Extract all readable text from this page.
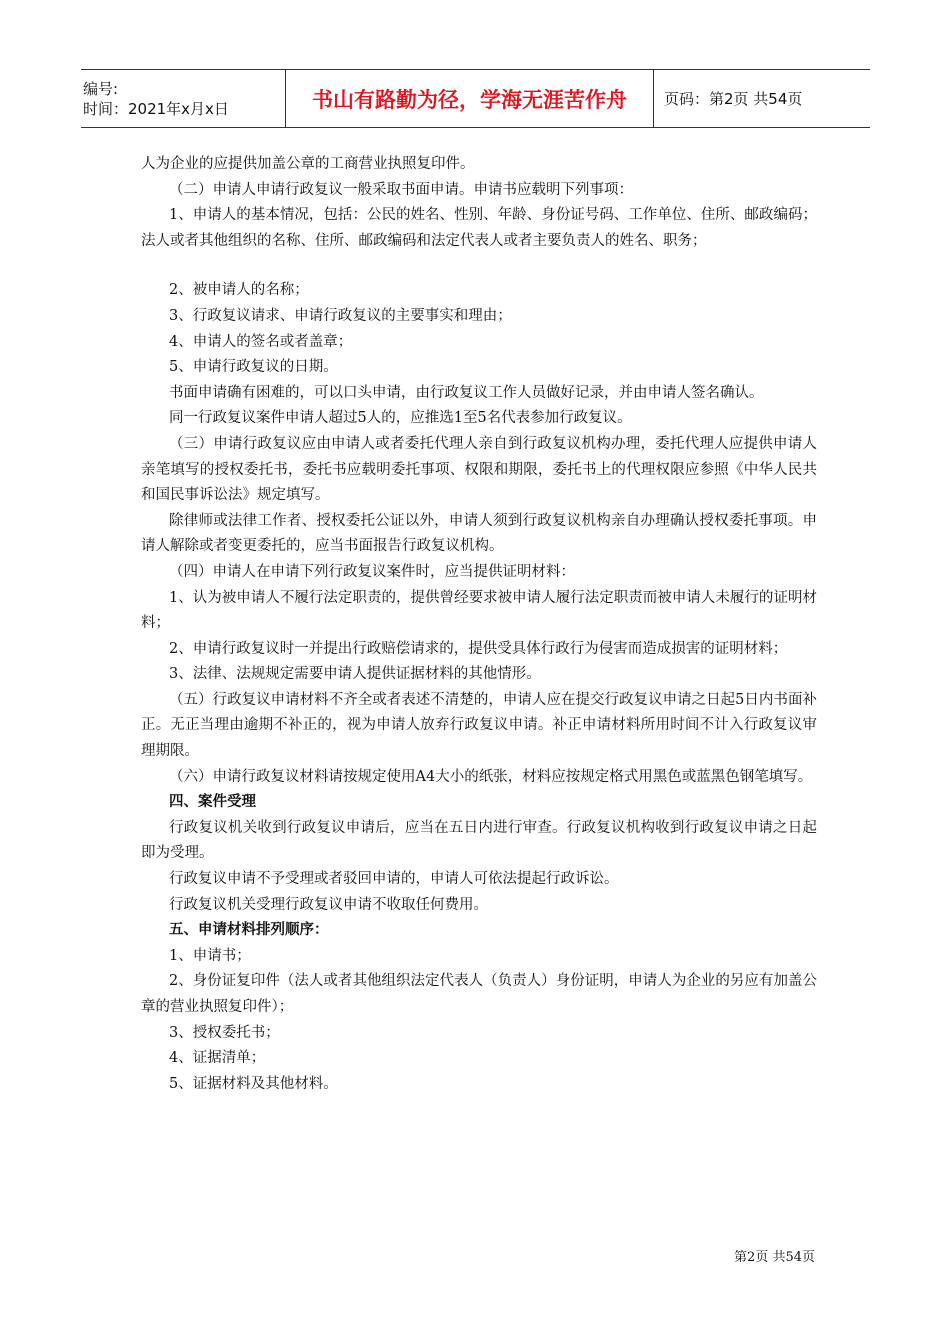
编号:
时间：2021年x月x日	书山有路勤为径，学海无涯苦作舟	页码：第2页 共54页

人为企业的应提供加盖公章的工商营业执照复印件。

（二）申请人申请行政复议一般采取书面申请。申请书应载明下列事项：

1、申请人的基本情况，包括：公民的姓名、性别、年龄、身份证号码、工作单位、住所、邮政编码；法人或者其他组织的名称、住所、邮政编码和法定代表人或者主要负责人的姓名、职务；

2、被申请人的名称；

3、行政复议请求、申请行政复议的主要事实和理由；

4、申请人的签名或者盖章；

5、申请行政复议的日期。

书面申请确有困难的，可以口头申请，由行政复议工作人员做好记录，并由申请人签名确认。

同一行政复议案件申请人超过5人的，应推选1至5名代表参加行政复议。

（三）申请行政复议应由申请人或者委托代理人亲自到行政复议机构办理，委托代理人应提供申请人亲笔填写的授权委托书，委托书应载明委托事项、权限和期限，委托书上的代理权限应参照《中华人民共和国民事诉讼法》规定填写。

除律师或法律工作者、授权委托公证以外，申请人须到行政复议机构亲自办理确认授权委托事项。申请人解除或者变更委托的，应当书面报告行政复议机构。

（四）申请人在申请下列行政复议案件时，应当提供证明材料：

1、认为被申请人不履行法定职责的，提供曾经要求被申请人履行法定职责而被申请人未履行的证明材料；

2、申请行政复议时一并提出行政赔偿请求的，提供受具体行政行为侵害而造成损害的证明材料；

3、法律、法规规定需要申请人提供证据材料的其他情形。

（五）行政复议申请材料不齐全或者表述不清楚的，申请人应在提交行政复议申请之日起5日内书面补正。无正当理由逾期不补正的，视为申请人放弃行政复议申请。补正申请材料所用时间不计入行政复议审理期限。

（六）申请行政复议材料请按规定使用A4大小的纸张，材料应按规定格式用黑色或蓝黑色钢笔填写。

四、案件受理

行政复议机关收到行政复议申请后，应当在五日内进行审查。行政复议机构收到行政复议申请之日起即为受理。

行政复议申请不予受理或者驳回申请的，申请人可依法提起行政诉讼。

行政复议机关受理行政复议申请不收取任何费用。

五、申请材料排列顺序：

1、申请书；

2、身份证复印件（法人或者其他组织法定代表人（负责人）身份证明，申请人为企业的另应有加盖公章的营业执照复印件）；

3、授权委托书；

4、证据清单；

5、证据材料及其他材料。

第2页 共54页
